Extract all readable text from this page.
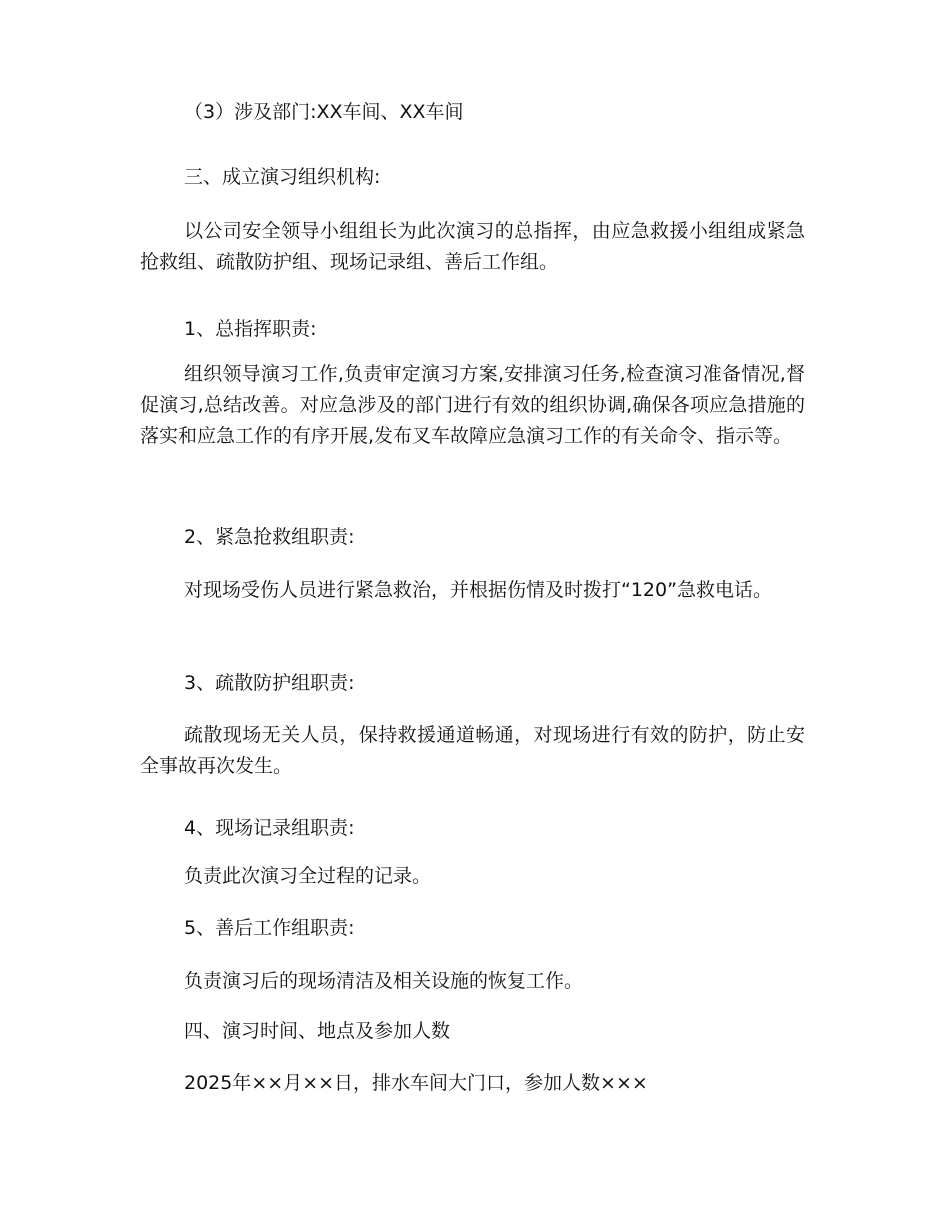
（3）涉及部门:XX车间、XX车间

三、成立演习组织机构:

以公司安全领导小组组长为此次演习的总指挥，由应急救援小组组成紧急抢救组、疏散防护组、现场记录组、善后工作组。

1、总指挥职责:

组织领导演习工作,负责审定演习方案,安排演习任务,检查演习准备情况,督促演习,总结改善。对应急涉及的部门进行有效的组织协调,确保各项应急措施的落实和应急工作的有序开展,发布叉车故障应急演习工作的有关命令、指示等。

2、紧急抢救组职责:

对现场受伤人员进行紧急救治，并根据伤情及时拨打“120”急救电话。

3、疏散防护组职责:

疏散现场无关人员，保持救援通道畅通，对现场进行有效的防护，防止安全事故再次发生。

4、现场记录组职责:

负责此次演习全过程的记录。

5、善后工作组职责:

负责演习后的现场清洁及相关设施的恢复工作。

四、演习时间、地点及参加人数

2025年××月××日，排水车间大门口，参加人数×××
